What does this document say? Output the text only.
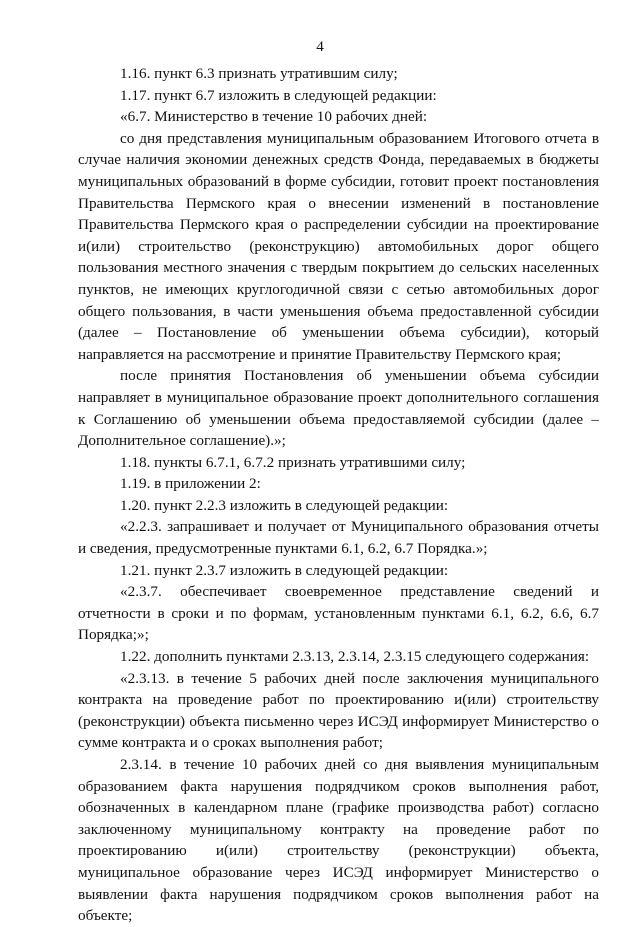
4

1.16. пункт 6.3 признать утратившим силу;

1.17. пункт 6.7 изложить в следующей редакции:

«6.7. Министерство в течение 10 рабочих дней:

со дня представления муниципальным образованием Итогового отчета в случае наличия экономии денежных средств Фонда, передаваемых в бюджеты муниципальных образований в форме субсидии, готовит проект постановления Правительства Пермского края о внесении изменений в постановление Правительства Пермского края о распределении субсидии на проектирование и(или) строительство (реконструкцию) автомобильных дорог общего пользования местного значения с твердым покрытием до сельских населенных пунктов, не имеющих круглогодичной связи с сетью автомобильных дорог общего пользования, в части уменьшения объема предоставленной субсидии (далее – Постановление об уменьшении объема субсидии), который направляется на рассмотрение и принятие Правительству Пермского края;

после принятия Постановления об уменьшении объема субсидии направляет в муниципальное образование проект дополнительного соглашения к Соглашению об уменьшении объема предоставляемой субсидии (далее – Дополнительное соглашение).»;

1.18. пункты 6.7.1, 6.7.2 признать утратившими силу;

1.19. в приложении 2:

1.20. пункт 2.2.3 изложить в следующей редакции:

«2.2.3. запрашивает и получает от Муниципального образования отчеты и сведения, предусмотренные пунктами 6.1, 6.2, 6.7 Порядка.»;

1.21. пункт 2.3.7 изложить в следующей редакции:

«2.3.7. обеспечивает своевременное представление сведений и отчетности в сроки и по формам, установленным пунктами 6.1, 6.2, 6.6, 6.7 Порядка;»;

1.22. дополнить пунктами 2.3.13, 2.3.14, 2.3.15 следующего содержания:

«2.3.13. в течение 5 рабочих дней после заключения муниципального контракта на проведение работ по проектированию и(или) строительству (реконструкции) объекта письменно через ИСЭД информирует Министерство о сумме контракта и о сроках выполнения работ;

2.3.14. в течение 10 рабочих дней со дня выявления муниципальным образованием факта нарушения подрядчиком сроков выполнения работ, обозначенных в календарном плане (графике производства работ) согласно заключенному муниципальному контракту на проведение работ по проектированию и(или) строительству (реконструкции) объекта, муниципальное образование через ИСЭД информирует Министерство о выявлении факта нарушения подрядчиком сроков выполнения работ на объекте;
